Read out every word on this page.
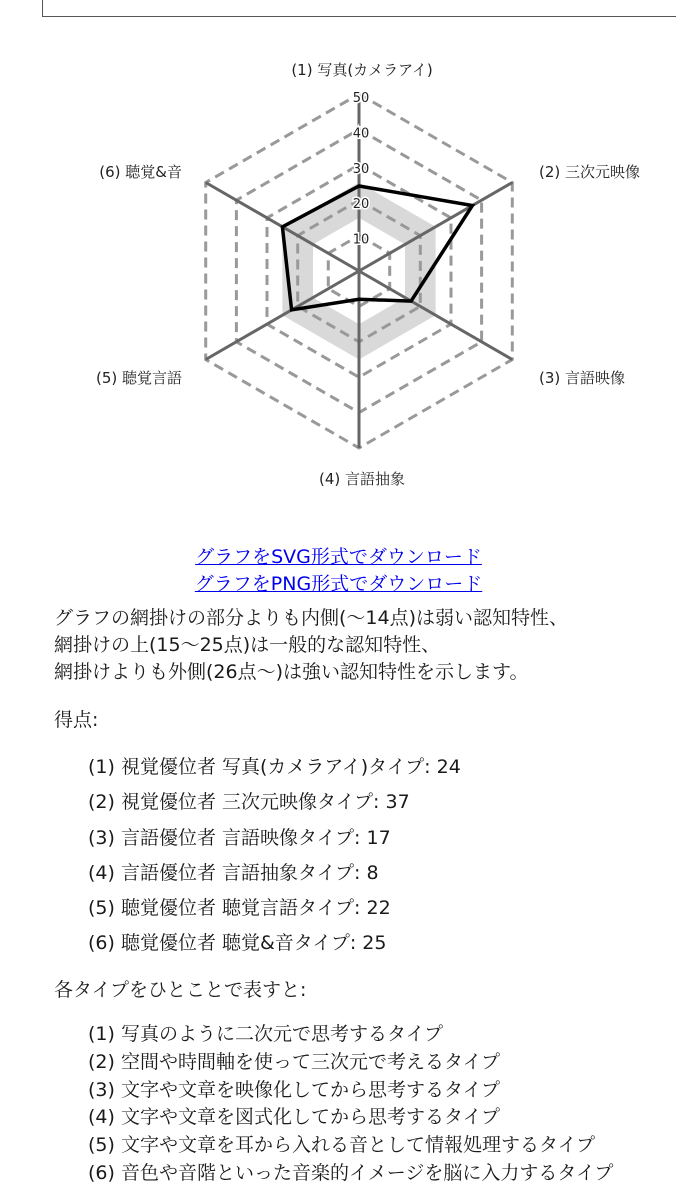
10
20
30
40
50
(1) 写真(カメラアイ)
(2) 三次元映像
(3) 言語映像
(4) 言語抽象
(5) 聴覚言語
(6) 聴覚&音
グラフをSVG形式でダウンロード
グラフをPNG形式でダウンロード
グラフの網掛けの部分よりも内側(～14点)は弱い認知特性、
網掛けの上(15～25点)は一般的な認知特性、
網掛けよりも外側(26点～)は強い認知特性を示します。
得点:
(1) 視覚優位者 写真(カメラアイ)タイプ: 24
(2) 視覚優位者 三次元映像タイプ: 37
(3) 言語優位者 言語映像タイプ: 17
(4) 言語優位者 言語抽象タイプ: 8
(5) 聴覚優位者 聴覚言語タイプ: 22
(6) 聴覚優位者 聴覚&音タイプ: 25
各タイプをひとことで表すと:
(1) 写真のように二次元で思考するタイプ
(2) 空間や時間軸を使って三次元で考えるタイプ
(3) 文字や文章を映像化してから思考するタイプ
(4) 文字や文章を図式化してから思考するタイプ
(5) 文字や文章を耳から入れる音として情報処理するタイプ
(6) 音色や音階といった音楽的イメージを脳に入力するタイプ
